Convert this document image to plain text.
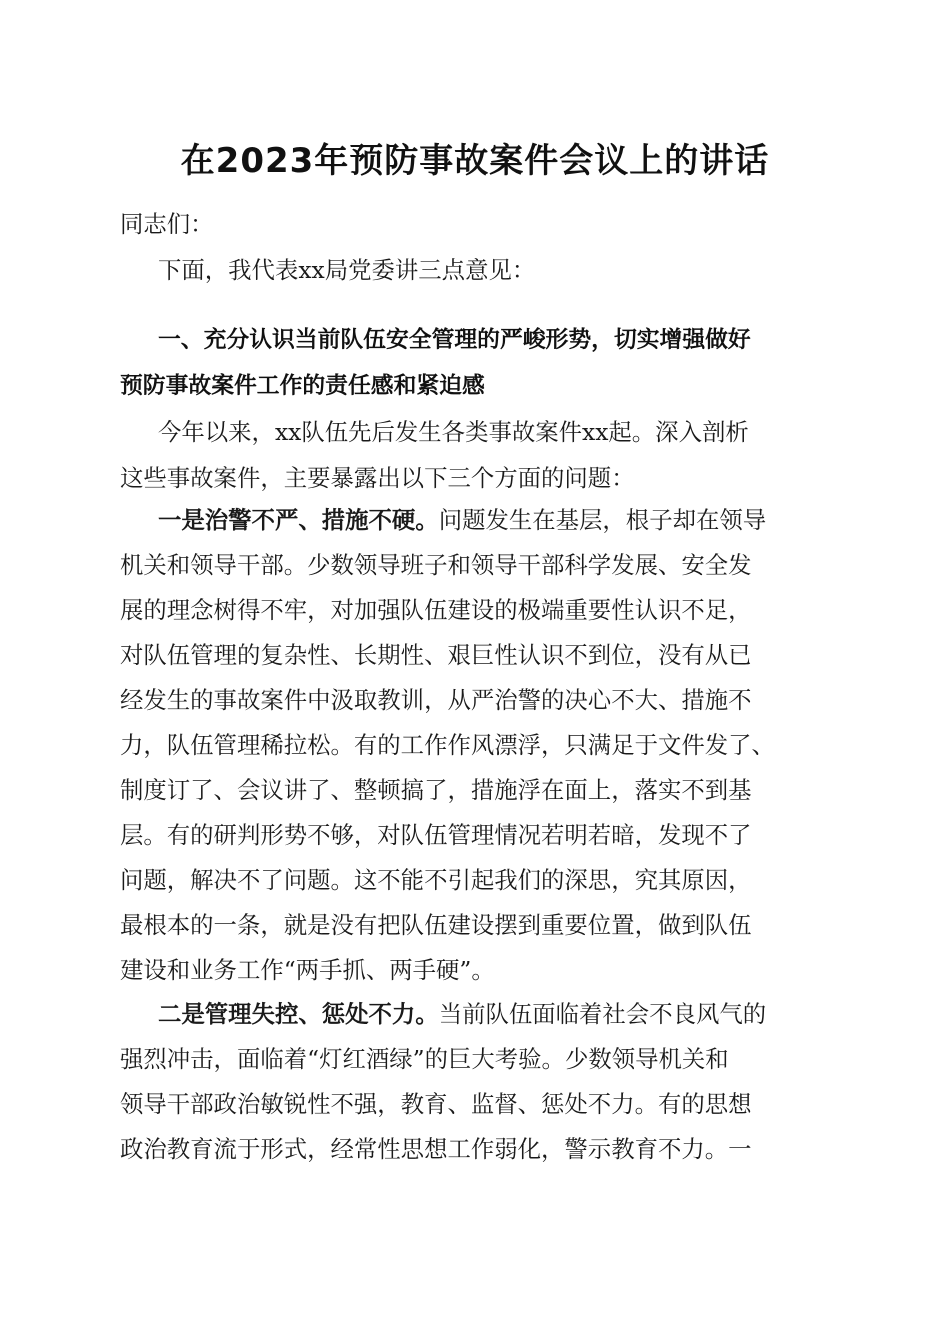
在2023年预防事故案件会议上的讲话
同志们：
下面，我代表xx局党委讲三点意见：
一、充分认识当前队伍安全管理的严峻形势，切实增强做好
预防事故案件工作的责任感和紧迫感
今年以来，xx队伍先后发生各类事故案件xx起。深入剖析
这些事故案件，主要暴露出以下三个方面的问题：
一是治警不严、措施不硬。问题发生在基层，根子却在领导
机关和领导干部。少数领导班子和领导干部科学发展、安全发
展的理念树得不牢，对加强队伍建设的极端重要性认识不足，
对队伍管理的复杂性、长期性、艰巨性认识不到位，没有从已
经发生的事故案件中汲取教训，从严治警的决心不大、措施不
力，队伍管理稀拉松。有的工作作风漂浮，只满足于文件发了、
制度订了、会议讲了、整顿搞了，措施浮在面上，落实不到基
层。有的研判形势不够，对队伍管理情况若明若暗，发现不了
问题，解决不了问题。这不能不引起我们的深思，究其原因，
最根本的一条，就是没有把队伍建设摆到重要位置，做到队伍
建设和业务工作“两手抓、两手硬”。
二是管理失控、惩处不力。当前队伍面临着社会不良风气的
强烈冲击，面临着“灯红酒绿”的巨大考验。少数领导机关和
领导干部政治敏锐性不强，教育、监督、惩处不力。有的思想
政治教育流于形式，经常性思想工作弱化，警示教育不力。一
